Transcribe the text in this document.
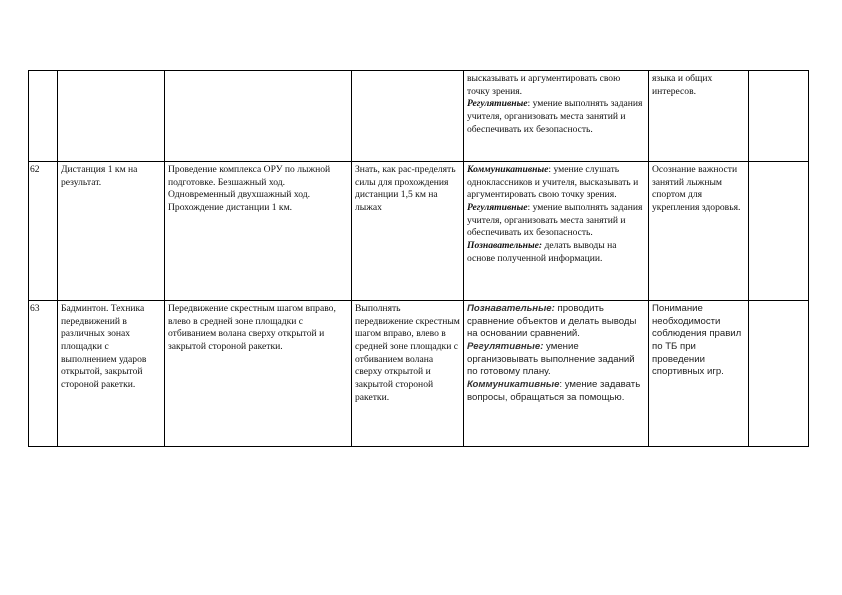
				высказывать и аргументировать свою точку зрения.
Регулятивные: умение выполнять задания учителя, организовать места занятий и обеспечивать их безопасность.	языка и общих интересов.	
62	Дистанция 1 км на результат.	Проведение комплекса ОРУ по лыжной подготовке. Безшажный ход. Одновременный двухшажный ход. Прохождение дистанции 1 км.	Знать, как рас-пределять силы для прохождения дистанции 1,5 км на лыжах	Коммуникативные: умение слушать одноклассников и учителя, высказывать и аргументировать свою точку зрения. Регулятивные: умение выполнять задания учителя, организовать места занятий и обеспечивать их безопасность. Познавательные: делать выводы на основе полученной информации.	Осознание важности занятий лыжным спортом для укрепления здоровья.	
63	Бадминтон. Техника передвижений в различных зонах площадки с выполнением ударов открытой, закрытой стороной ракетки.	Передвижение скрестным шагом вправо, влево в средней зоне площадки с отбиванием волана сверху открытой и закрытой стороной ракетки.	Выполнять передвижение скрестным шагом вправо, влево в средней зоне площадки с отбиванием волана сверху открытой и закрытой стороной ракетки.	Познавательные: проводить сравнение объектов и делать выводы на основании сравнений.
Регулятивные: умение организовывать выполнение заданий по готовому плану.
Коммуникативные: умение задавать вопросы, обращаться за помощью.	Понимание необходимости соблюдения правил по ТБ при проведении спортивных игр.	
